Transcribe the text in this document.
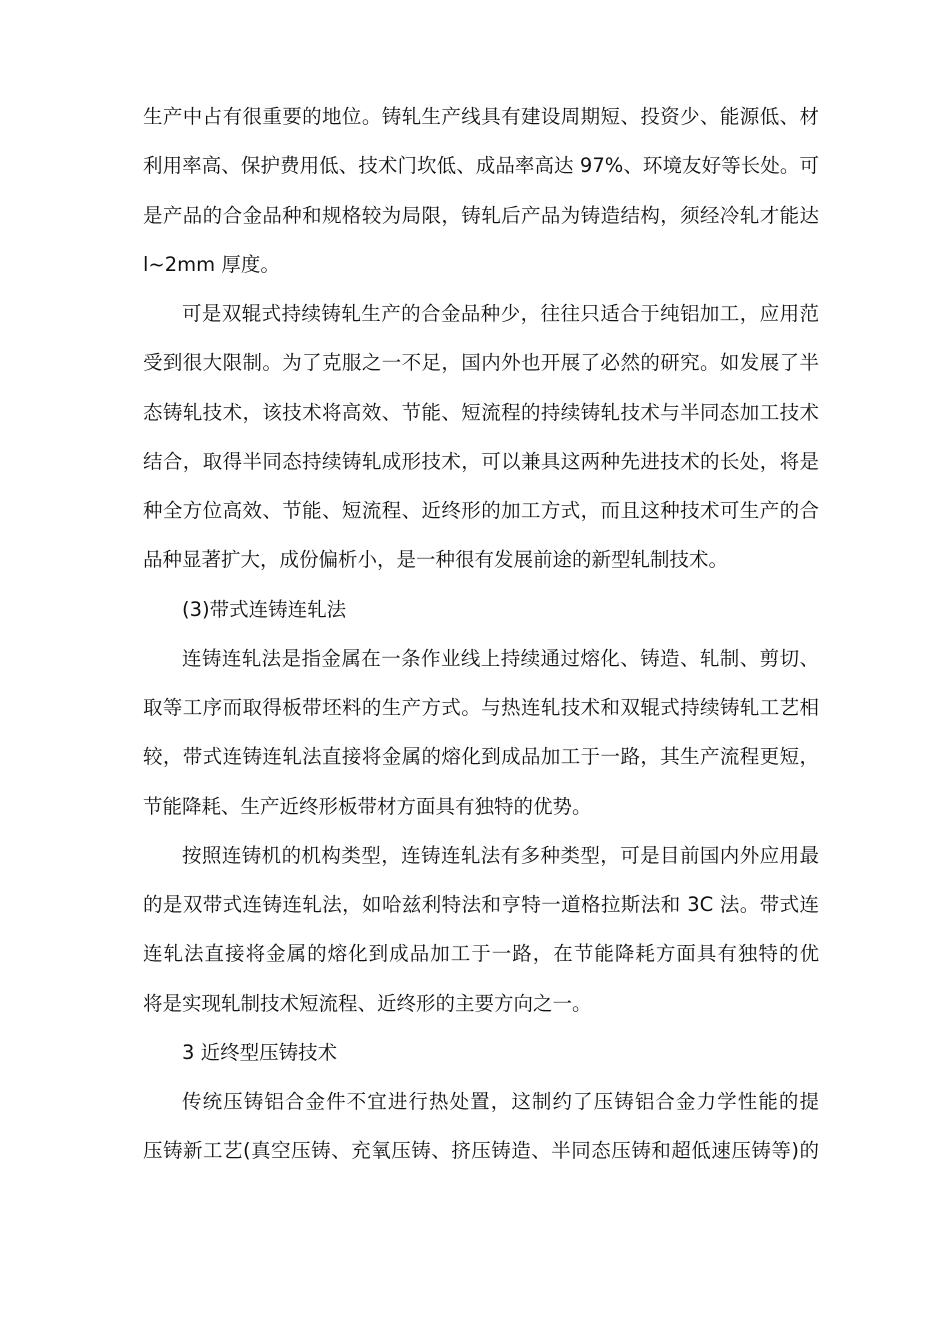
生产中占有很重要的地位。铸轧生产线具有建设周期短、投资少、能源低、材
利用率高、保护费用低、技术门坎低、成品率高达 97%、环境友好等长处。可
是产品的合金品种和规格较为局限，铸轧后产品为铸造结构，须经冷轧才能达
l~2mm 厚度。
可是双辊式持续铸轧生产的合金品种少，往往只适合于纯铝加工，应用范
受到很大限制。为了克服之一不足，国内外也开展了必然的研究。如发展了半
态铸轧技术，该技术将高效、节能、短流程的持续铸轧技术与半同态加工技术
结合，取得半同态持续铸轧成形技术，可以兼具这两种先进技术的长处，将是
种全方位高效、节能、短流程、近终形的加工方式，而且这种技术可生产的合
品种显著扩大，成份偏析小，是一种很有发展前途的新型轧制技术。
(3)带式连铸连轧法
连铸连轧法是指金属在一条作业线上持续通过熔化、铸造、轧制、剪切、
取等工序而取得板带坯料的生产方式。与热连轧技术和双辊式持续铸轧工艺相
较，带式连铸连轧法直接将金属的熔化到成品加工于一路，其生产流程更短，
节能降耗、生产近终形板带材方面具有独特的优势。
按照连铸机的机构类型，连铸连轧法有多种类型，可是目前国内外应用最
的是双带式连铸连轧法，如哈兹利特法和亨特一道格拉斯法和 3C 法。带式连
连轧法直接将金属的熔化到成品加工于一路，在节能降耗方面具有独特的优
将是实现轧制技术短流程、近终形的主要方向之一。
3 近终型压铸技术
传统压铸铝合金件不宜进行热处置，这制约了压铸铝合金力学性能的提
压铸新工艺(真空压铸、充氧压铸、挤压铸造、半同态压铸和超低速压铸等)的
